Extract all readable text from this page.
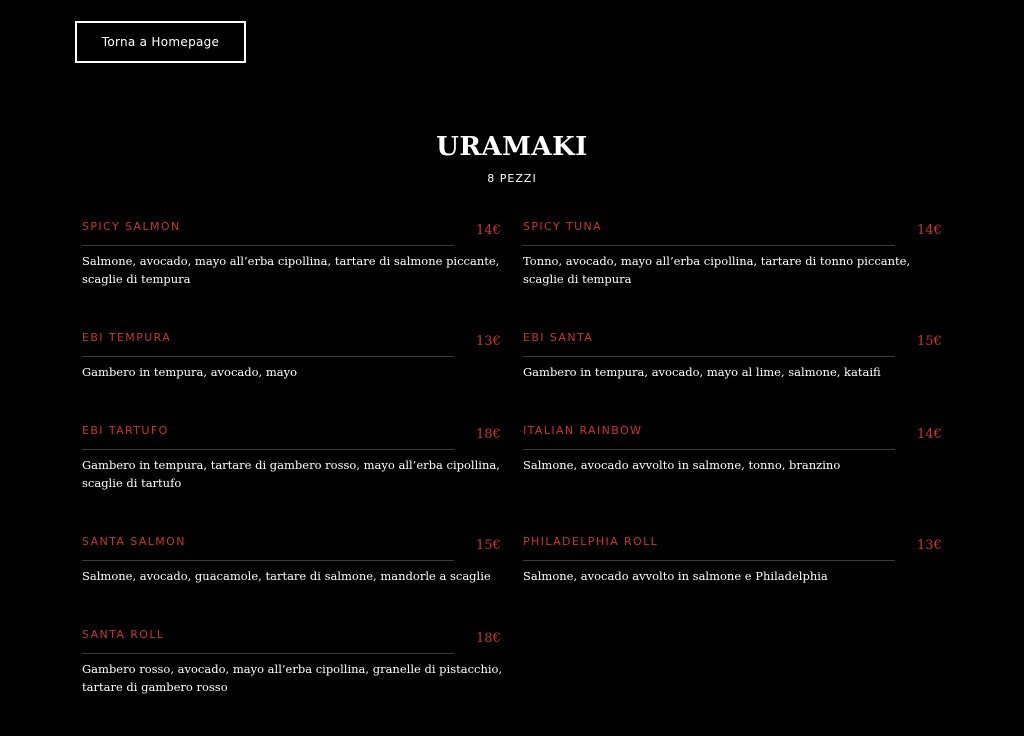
Torna a Homepage
URAMAKI

8 PEZZI

SPICY SALMON	14€

Salmone, avocado, mayo all’erba cipollina, tartare di salmone piccante, scaglie di tempura

SPICY TUNA	14€

Tonno, avocado, mayo all’erba cipollina, tartare di tonno piccante, scaglie di tempura

EBI TEMPURA	13€

Gambero in tempura, avocado, mayo

EBI SANTA	15€

Gambero in tempura, avocado, mayo al lime, salmone, kataifi

EBI TARTUFO	18€

Gambero in tempura, tartare di gambero rosso, mayo all’erba cipollina, scaglie di tartufo

ITALIAN RAINBOW	14€

Salmone, avocado avvolto in salmone, tonno, branzino

SANTA SALMON	15€

Salmone, avocado, guacamole, tartare di salmone, mandorle a scaglie

PHILADELPHIA ROLL	13€

Salmone, avocado avvolto in salmone e Philadelphia

SANTA ROLL	18€

Gambero rosso, avocado, mayo all’erba cipollina, granelle di pistacchio, tartare di gambero rosso
